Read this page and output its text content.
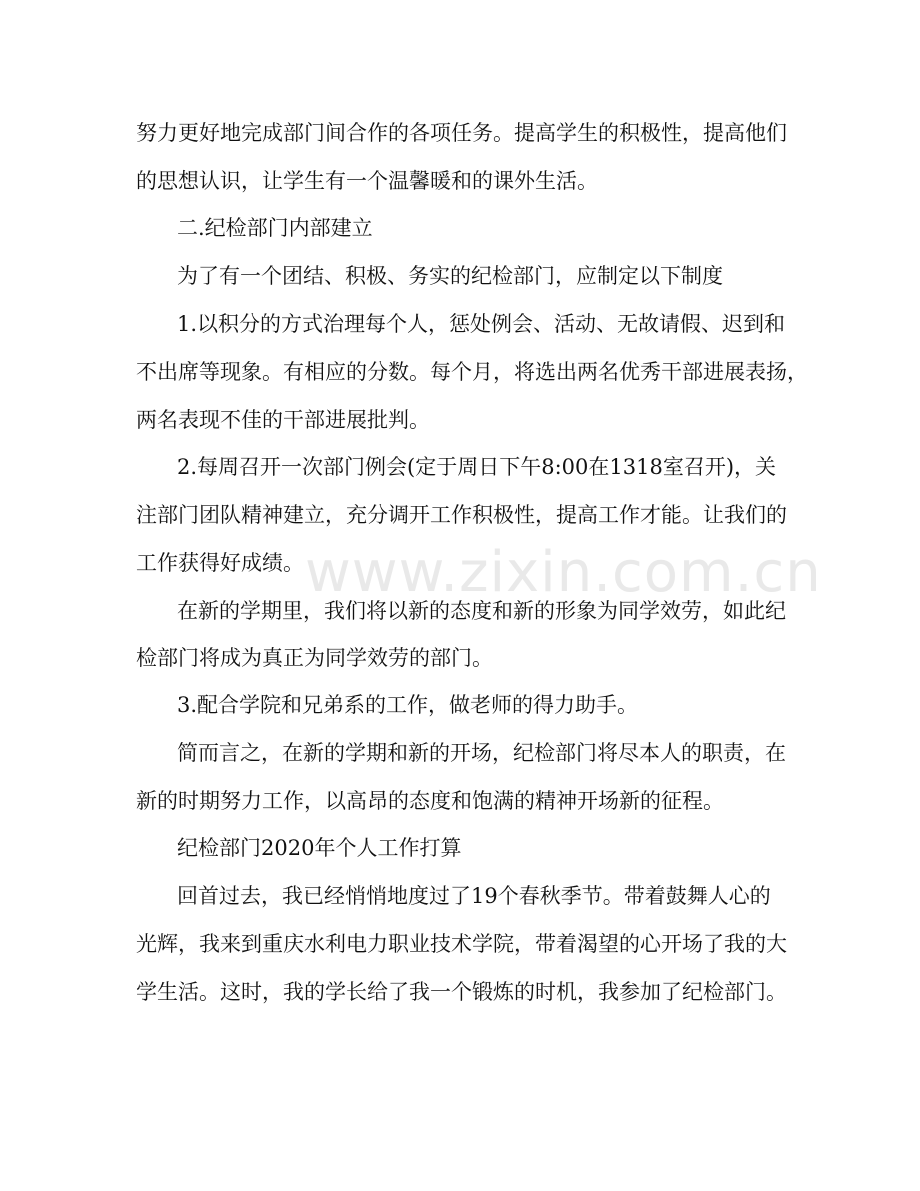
www.zixin.com.cn
努力更好地完成部门间合作的各项任务。提高学生的积极性，提高他们
的思想认识，让学生有一个温馨暖和的课外生活。
二.纪检部门内部建立
为了有一个团结、积极、务实的纪检部门，应制定以下制度
1.以积分的方式治理每个人，惩处例会、活动、无故请假、迟到和
不出席等现象。有相应的分数。每个月，将选出两名优秀干部进展表扬，
两名表现不佳的干部进展批判。
2.每周召开一次部门例会(定于周日下午8:00在1318室召开)，关
注部门团队精神建立，充分调开工作积极性，提高工作才能。让我们的
工作获得好成绩。
在新的学期里，我们将以新的态度和新的形象为同学效劳，如此纪
检部门将成为真正为同学效劳的部门。
3.配合学院和兄弟系的工作，做老师的得力助手。
简而言之，在新的学期和新的开场，纪检部门将尽本人的职责，在
新的时期努力工作，以高昂的态度和饱满的精神开场新的征程。
纪检部门2020年个人工作打算
回首过去，我已经悄悄地度过了19个春秋季节。带着鼓舞人心的
光辉，我来到重庆水利电力职业技术学院，带着渴望的心开场了我的大
学生活。这时，我的学长给了我一个锻炼的时机，我参加了纪检部门。
